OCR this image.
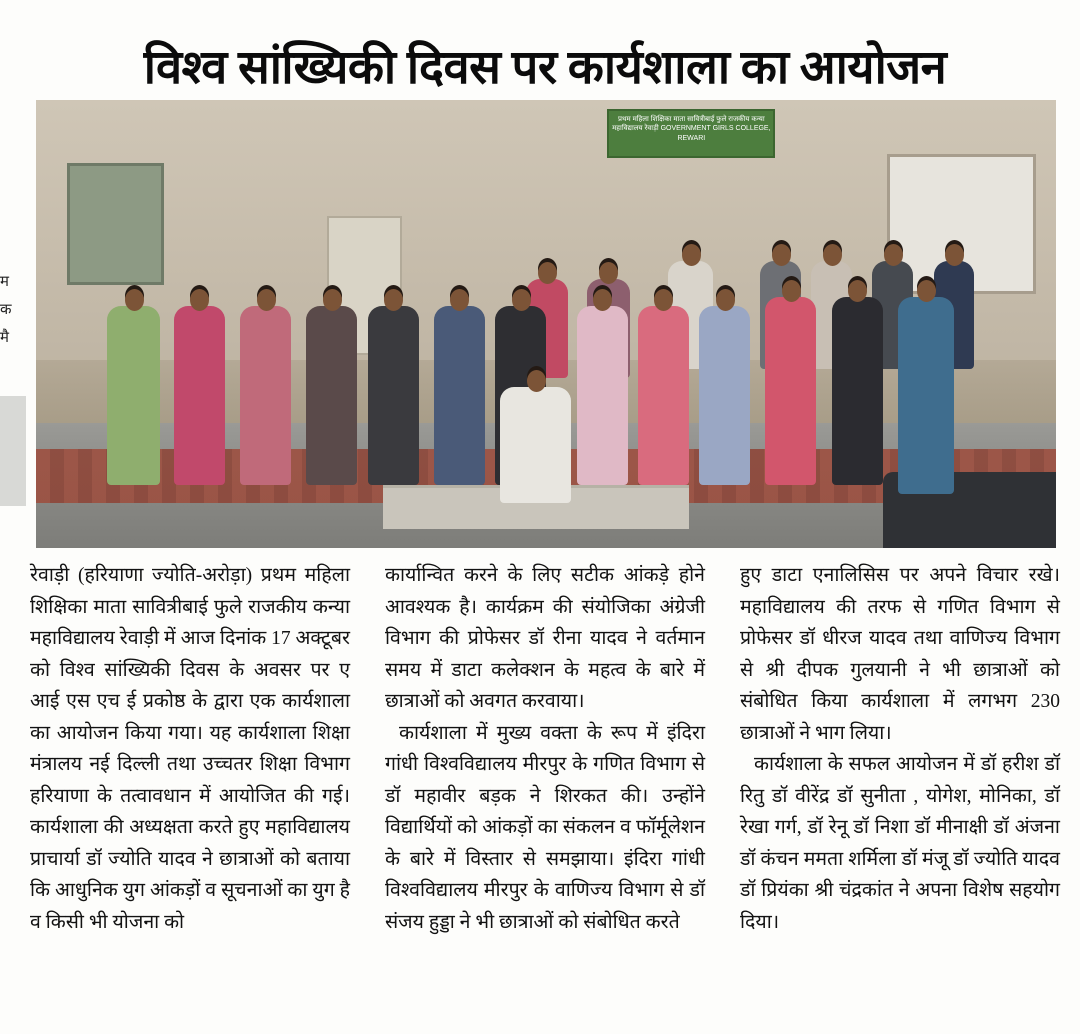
म
क
मै
विश्व सांख्यिकी दिवस पर कार्यशाला का आयोजन
प्रथम महिला शिक्षिका माता सावित्रीबाई फुले राजकीय कन्या महाविद्यालय रेवाड़ी GOVERNMENT GIRLS COLLEGE, REWARI

रेवाड़ी (हरियाणा ज्योति-अरोड़ा) प्रथम महिला शिक्षिका माता सावित्रीबाई फुले राजकीय कन्या महाविद्यालय रेवाड़ी में आज दिनांक 17 अक्टूबर को विश्व सांख्यिकी दिवस के अवसर पर ए आई एस एच ई प्रकोष्ठ के द्वारा एक कार्यशाला का आयोजन किया गया। यह कार्यशाला शिक्षा मंत्रालय नई दिल्ली तथा उच्चतर शिक्षा विभाग हरियाणा के तत्वावधान में आयोजित की गई। कार्यशाला की अध्यक्षता करते हुए महाविद्यालय प्राचार्या डॉ ज्योति यादव ने छात्राओं को बताया कि आधुनिक युग आंकड़ों व सूचनाओं का युग है व किसी भी योजना को

कार्यान्वित करने के लिए सटीक आंकड़े होने आवश्यक है। कार्यक्रम की संयोजिका अंग्रेजी विभाग की प्रोफेसर डॉ रीना यादव ने वर्तमान समय में डाटा कलेक्शन के महत्व के बारे में छात्राओं को अवगत करवाया।

कार्यशाला में मुख्य वक्ता के रूप में इंदिरा गांधी विश्वविद्यालय मीरपुर के गणित विभाग से डॉ महावीर बड़क ने शिरकत की। उन्होंने विद्यार्थियों को आंकड़ों का संकलन व फॉर्मूलेशन के बारे में विस्तार से समझाया। इंदिरा गांधी विश्वविद्यालय मीरपुर के वाणिज्य विभाग से डॉ संजय हुड्डा ने भी छात्राओं को संबोधित करते

हुए डाटा एनालिसिस पर अपने विचार रखे। महाविद्यालय की तरफ से गणित विभाग से प्रोफेसर डॉ धीरज यादव तथा वाणिज्य विभाग से श्री दीपक गुलयानी ने भी छात्राओं को संबोधित किया कार्यशाला में लगभग 230 छात्राओं ने भाग लिया।

कार्यशाला के सफल आयोजन में डॉ हरीश डॉ रितु डॉ वीरेंद्र डॉ सुनीता , योगेश, मोनिका, डॉ रेखा गर्ग, डॉ रेनू डॉ निशा डॉ मीनाक्षी डॉ अंजना डॉ कंचन ममता शर्मिला डॉ मंजू डॉ ज्योति यादव डॉ प्रियंका श्री चंद्रकांत ने अपना विशेष सहयोग दिया।
